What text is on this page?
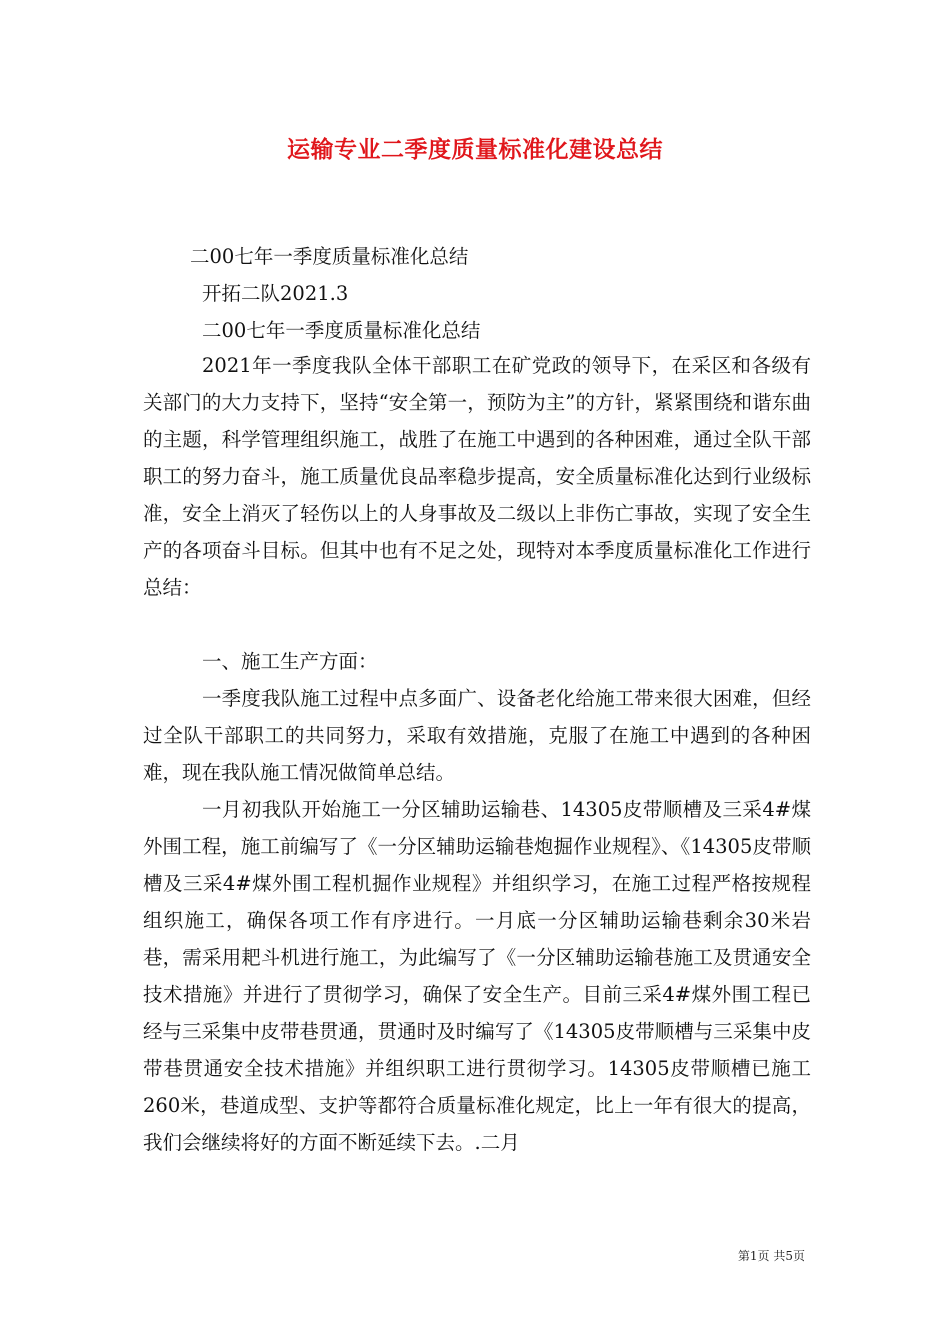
运输专业二季度质量标准化建设总结
二00七年一季度质量标准化总结
开拓二队2021.3
二00七年一季度质量标准化总结
2021年一季度我队全体干部职工在矿党政的领导下，在采区和各级有关部门的大力支持下，坚持“安全第一，预防为主”的方针，紧紧围绕和谐东曲的主题，科学管理组织施工，战胜了在施工中遇到的各种困难，通过全队干部职工的努力奋斗，施工质量优良品率稳步提高，安全质量标准化达到行业级标准，安全上消灭了轻伤以上的人身事故及二级以上非伤亡事故，实现了安全生产的各项奋斗目标。但其中也有不足之处，现特对本季度质量标准化工作进行总结：
一、施工生产方面：
一季度我队施工过程中点多面广、设备老化给施工带来很大困难，但经过全队干部职工的共同努力，采取有效措施，克服了在施工中遇到的各种困难，现在我队施工情况做简单总结。
一月初我队开始施工一分区辅助运输巷、14305皮带顺槽及三采4#煤外围工程，施工前编写了《一分区辅助运输巷炮掘作业规程》、《14305皮带顺槽及三采4#煤外围工程机掘作业规程》并组织学习，在施工过程严格按规程组织施工，确保各项工作有序进行。一月底一分区辅助运输巷剩余30米岩巷，需采用耙斗机进行施工，为此编写了《一分区辅助运输巷施工及贯通安全技术措施》并进行了贯彻学习，确保了安全生产。目前三采4#煤外围工程已经与三采集中皮带巷贯通，贯通时及时编写了《14305皮带顺槽与三采集中皮带巷贯通安全技术措施》并组织职工进行贯彻学习。14305皮带顺槽已施工260米，巷道成型、支护等都符合质量标准化规定，比上一年有很大的提高，我们会继续将好的方面不断延续下去。.二月
第1页 共5页
